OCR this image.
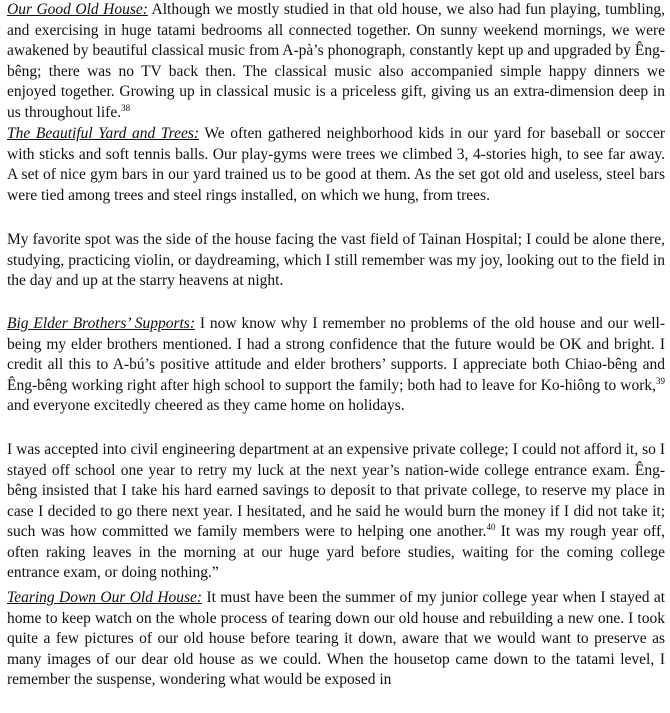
Our Good Old House: Although we mostly studied in that old house, we also had fun playing, tumbling, and exercising in huge tatami bedrooms all connected together. On sunny weekend mornings, we were awakened by beautiful classical music from A-pà’s phonograph, constantly kept up and upgraded by Êng-bêng; there was no TV back then. The classical music also accompanied simple happy dinners we enjoyed together. Growing up in classical music is a priceless gift, giving us an extra-dimension deep in us throughout life.$^{38}$

The Beautiful Yard and Trees: We often gathered neighborhood kids in our yard for baseball or soccer with sticks and soft tennis balls. Our play-gyms were trees we climbed 3, 4-stories high, to see far away. A set of nice gym bars in our yard trained us to be good at them. As the set got old and useless, steel bars were tied among trees and steel rings installed, on which we hung, from trees.

My favorite spot was the side of the house facing the vast field of Tainan Hospital; I could be alone there, studying, practicing violin, or daydreaming, which I still remember was my joy, looking out to the field in the day and up at the starry heavens at night.

Big Elder Brothers’ Supports: I now know why I remember no problems of the old house and our well-being my elder brothers mentioned. I had a strong confidence that the future would be OK and bright. I credit all this to A-bú’s positive attitude and elder brothers’ supports. I appreciate both Chiao-bêng and Êng-bêng working right after high school to support the family; both had to leave for Ko-hiông to work,$^{39}$ and everyone excitedly cheered as they came home on holidays.

I was accepted into civil engineering department at an expensive private college; I could not afford it, so I stayed off school one year to retry my luck at the next year’s nation-wide college entrance exam. Êng-bêng insisted that I take his hard earned savings to deposit to that private college, to reserve my place in case I decided to go there next year. I hesitated, and he said he would burn the money if I did not take it; such was how committed we family members were to helping one another.$^{40}$ It was my rough year off, often raking leaves in the morning at our huge yard before studies, waiting for the coming college entrance exam, or doing nothing.”

Tearing Down Our Old House: It must have been the summer of my junior college year when I stayed at home to keep watch on the whole process of tearing down our old house and rebuilding a new one. I took quite a few pictures of our old house before tearing it down, aware that we would want to preserve as many images of our dear old house as we could. When the housetop came down to the tatami level, I remember the suspense, wondering what would be exposed in
